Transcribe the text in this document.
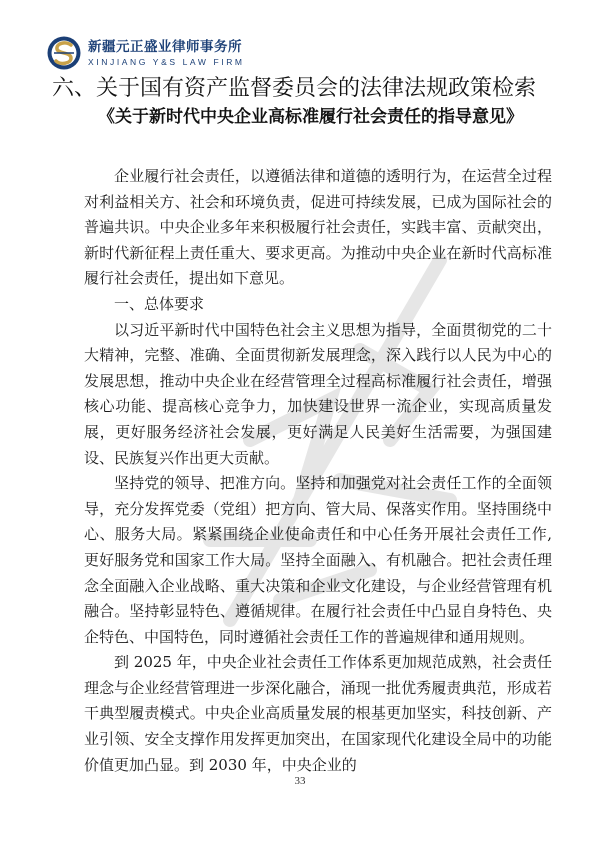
新疆元正盛业律师事务所
XINJIANG Y&S LAW FIRM
六、关于国有资产监督委员会的法律法规政策检索
《关于新时代中央企业高标准履行社会责任的指导意见》

企业履行社会责任，以遵循法律和道德的透明行为，在运营全过程对利益相关方、社会和环境负责，促进可持续发展，已成为国际社会的普遍共识。中央企业多年来积极履行社会责任，实践丰富、贡献突出，新时代新征程上责任重大、要求更高。为推动中央企业在新时代高标准履行社会责任，提出如下意见。

一、总体要求

以习近平新时代中国特色社会主义思想为指导，全面贯彻党的二十大精神，完整、准确、全面贯彻新发展理念，深入践行以人民为中心的发展思想，推动中央企业在经营管理全过程高标准履行社会责任，增强核心功能、提高核心竞争力，加快建设世界一流企业，实现高质量发展，更好服务经济社会发展，更好满足人民美好生活需要，为强国建设、民族复兴作出更大贡献。

坚持党的领导、把准方向。坚持和加强党对社会责任工作的全面领导，充分发挥党委（党组）把方向、管大局、保落实作用。坚持围绕中心、服务大局。紧紧围绕企业使命责任和中心任务开展社会责任工作,更好服务党和国家工作大局。坚持全面融入、有机融合。把社会责任理念全面融入企业战略、重大决策和企业文化建设，与企业经营管理有机融合。坚持彰显特色、遵循规律。在履行社会责任中凸显自身特色、央企特色、中国特色，同时遵循社会责任工作的普遍规律和通用规则。

到 2025 年，中央企业社会责任工作体系更加规范成熟，社会责任理念与企业经营管理进一步深化融合，涌现一批优秀履责典范，形成若干典型履责模式。中央企业高质量发展的根基更加坚实，科技创新、产业引领、安全支撑作用发挥更加突出，在国家现代化建设全局中的功能价值更加凸显。到 2030 年，中央企业的

33
